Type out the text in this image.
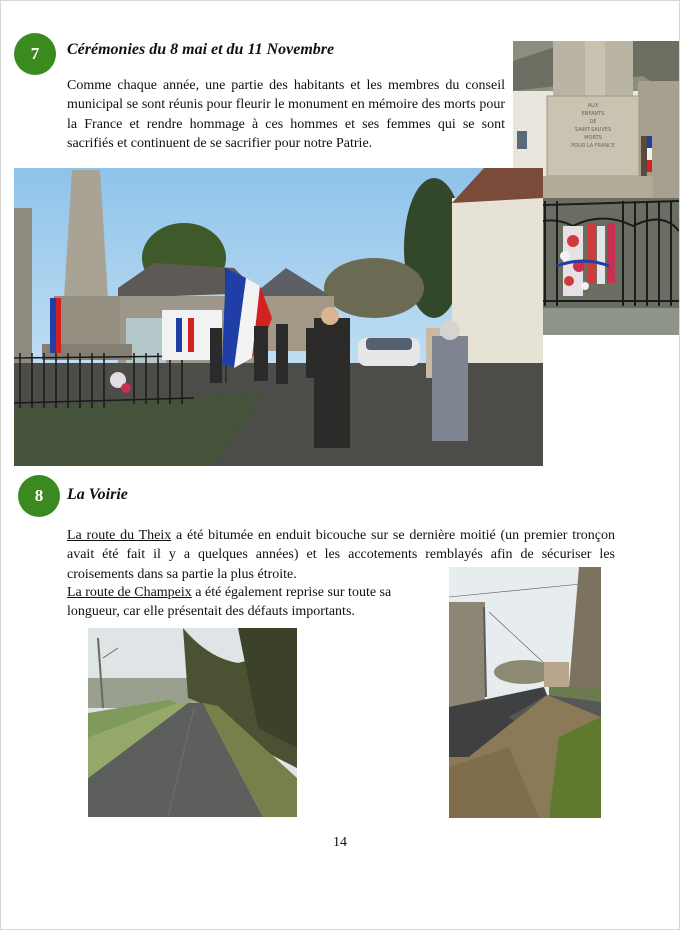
7 Cérémonies du 8 mai et du 11 Novembre
Comme chaque année, une partie des habitants et les membres du conseil municipal se sont réunis pour fleurir le monument en mémoire des morts pour la France et rendre hommage à ces hommes et ses femmes qui se sont sacrifiés et continuent de se sacrifier pour notre Patrie.
AUX
ENFANTS
DE
SAINT-SAUVES
MORTS
POUR LA FRANCE
8 La Voirie
La route du Theix a été bitumée en enduit bicouche sur se dernière moitié (un premier tronçon avait été fait il y a quelques années) et les accotements remblayés afin de sécuriser les croisements dans sa partie la plus étroite.
La route de Champeix a été également reprise sur toute sa longueur, car elle présentait des défauts importants.
14
